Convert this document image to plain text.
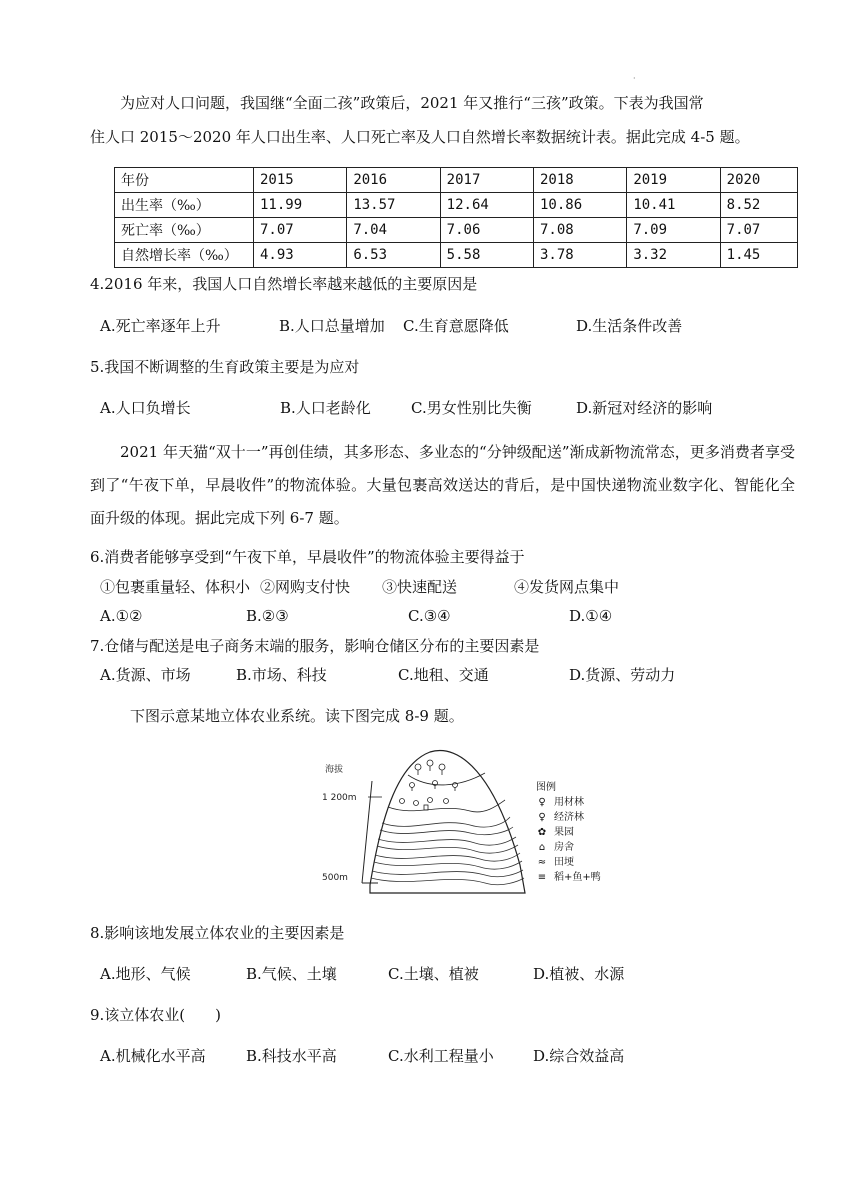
·
为应对人口问题，我国继“全面二孩”政策后，2021 年又推行“三孩”政策。下表为我国常
住人口 2015～2020 年人口出生率、人口死亡率及人口自然增长率数据统计表。据此完成 4-5 题。
年份	2015	2016	2017	2018	2019	2020
出生率（‰）	11.99	13.57	12.64	10.86	10.41	8.52
死亡率（‰）	7.07	7.04	7.06	7.08	7.09	7.07
自然增长率（‰）	4.93	6.53	5.58	3.78	3.32	1.45
4.2016 年来，我国人口自然增长率越来越低的主要原因是
A.死亡率逐年上升	B.人口总量增加 C.生育意愿降低	D.生活条件改善
5.我国不断调整的生育政策主要是为应对
A.人口负增长	B.人口老龄化	C.男女性别比失衡	D.新冠对经济的影响
2021 年天猫“双十一”再创佳绩，其多形态、多业态的“分钟级配送”渐成新物流常态，更多消费者享受到了“午夜下单，早晨收件”的物流体验。大量包裹高效送达的背后，是中国快递物流业数字化、智能化全面升级的体现。据此完成下列 6-7 题。
6.消费者能够享受到“午夜下单，早晨收件”的物流体验主要得益于
①包裹重量轻、体积小 ②网购支付快 ③快速配送	④发货网点集中
A.①②	B.②③	C.③④	D.①④
7.仓储与配送是电子商务末端的服务，影响仓储区分布的主要因素是
A.货源、市场	B.市场、科技	C.地租、交通	D.货源、劳动力
下图示意某地立体农业系统。读下图完成 8-9 题。
海拔
1 200m
500m
图例
♀ 用材林
♀ 经济林
✿ 果园
⌂ 房舍
≈ 田埂
≡ 稻+鱼+鸭
8.影响该地发展立体农业的主要因素是
A.地形、气候	B.气候、土壤	C.土壤、植被	D.植被、水源
9.该立体农业(　　)
A.机械化水平高	B.科技水平高	C.水利工程量小	D.综合效益高
